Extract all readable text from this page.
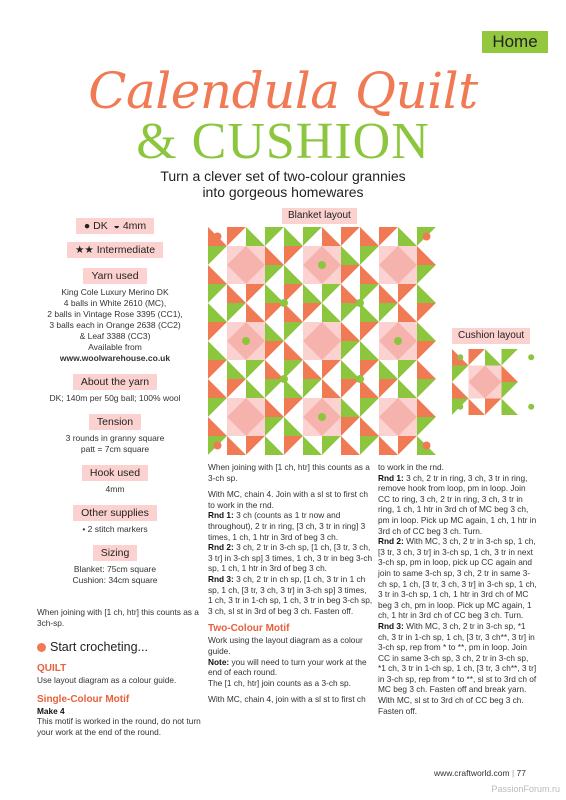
Home
Calendula Quilt
& CUSHION
Turn a clever set of two-colour grannies
into gorgeous homewares
● DK ◒ 4mm
★★ Intermediate
Yarn used
King Cole Luxury Merino DK
4 balls in White 2610 (MC),
2 balls in Vintage Rose 3395 (CC1),
3 balls each in Orange 2638 (CC2)
& Leaf 3388 (CC3)
Available from
www.woolwarehouse.co.uk
About the yarn
DK; 140m per 50g ball; 100% wool
Tension
3 rounds in granny square
patt = 7cm square
Hook used
4mm
Other supplies
• 2 stitch markers
Sizing
Blanket: 75cm square
Cushion: 34cm square
When joining with [1 ch, htr] this counts as a 3ch-sp.
Start crocheting...
QUILT
Use layout diagram as a colour guide.
Single-Colour Motif
Make 4
This motif is worked in the round, do not turn your work at the end of the round.
Blanket layout
Cushion layout
When joining with [1 ch, htr] this counts as a 3-ch sp.
With MC, chain 4. Join with a sl st to first ch to work in the rnd.
Rnd 1: 3 ch (counts as 1 tr now and throughout), 2 tr in ring, [3 ch, 3 tr in ring] 3 times, 1 ch, 1 htr in 3rd of beg 3 ch.
Rnd 2: 3 ch, 2 tr in 3-ch sp, [1 ch, [3 tr, 3 ch, 3 tr] in 3-ch sp] 3 times, 1 ch, 3 tr in beg 3-ch sp, 1 ch, 1 htr in 3rd of beg 3 ch.
Rnd 3: 3 ch, 2 tr in ch sp, [1 ch, 3 tr in 1 ch sp, 1 ch, [3 tr, 3 ch, 3 tr] in 3-ch sp] 3 times, 1 ch, 3 tr in 1-ch sp, 1 ch, 3 tr in beg 3-ch sp, 3 ch, sl st in 3rd of beg 3 ch. Fasten off.
Two-Colour Motif
Work using the layout diagram as a colour guide.
Note: you will need to turn your work at the end of each round.
The [1 ch, htr] join counts as a 3-ch sp.
With MC, chain 4, join with a sl st to first ch
to work in the rnd.
Rnd 1: 3 ch, 2 tr in ring, 3 ch, 3 tr in ring, remove hook from loop, pm in loop. Join CC to ring, 3 ch, 2 tr in ring, 3 ch, 3 tr in ring, 1 ch, 1 htr in 3rd ch of MC beg 3 ch, pm in loop. Pick up MC again, 1 ch, 1 htr in 3rd ch of CC beg 3 ch. Turn.
Rnd 2: With MC, 3 ch, 2 tr in 3-ch sp, 1 ch, [3 tr, 3 ch, 3 tr] in 3-ch sp, 1 ch, 3 tr in next 3-ch sp, pm in loop, pick up CC again and join to same 3-ch sp, 3 ch, 2 tr in same 3-ch sp, 1 ch, [3 tr, 3 ch, 3 tr] in 3-ch sp, 1 ch, 3 tr in 3-ch sp, 1 ch, 1 htr in 3rd ch of MC beg 3 ch, pm in loop. Pick up MC again, 1 ch, 1 htr in 3rd ch of CC beg 3 ch. Turn.
Rnd 3: With MC, 3 ch, 2 tr in 3-ch sp, *1 ch, 3 tr in 1-ch sp, 1 ch, [3 tr, 3 ch**, 3 tr] in 3-ch sp, rep from * to **, pm in loop. Join CC in same 3-ch sp, 3 ch, 2 tr in 3-ch sp, *1 ch, 3 tr in 1-ch sp, 1 ch, [3 tr, 3 ch**, 3 tr] in 3-ch sp, rep from * to **, sl st to 3rd ch of MC beg 3 ch. Fasten off and break yarn. With MC, sl st to 3rd ch of CC beg 3 ch.
Fasten off.
www.craftworld.com | 77
PassionForum.ru
